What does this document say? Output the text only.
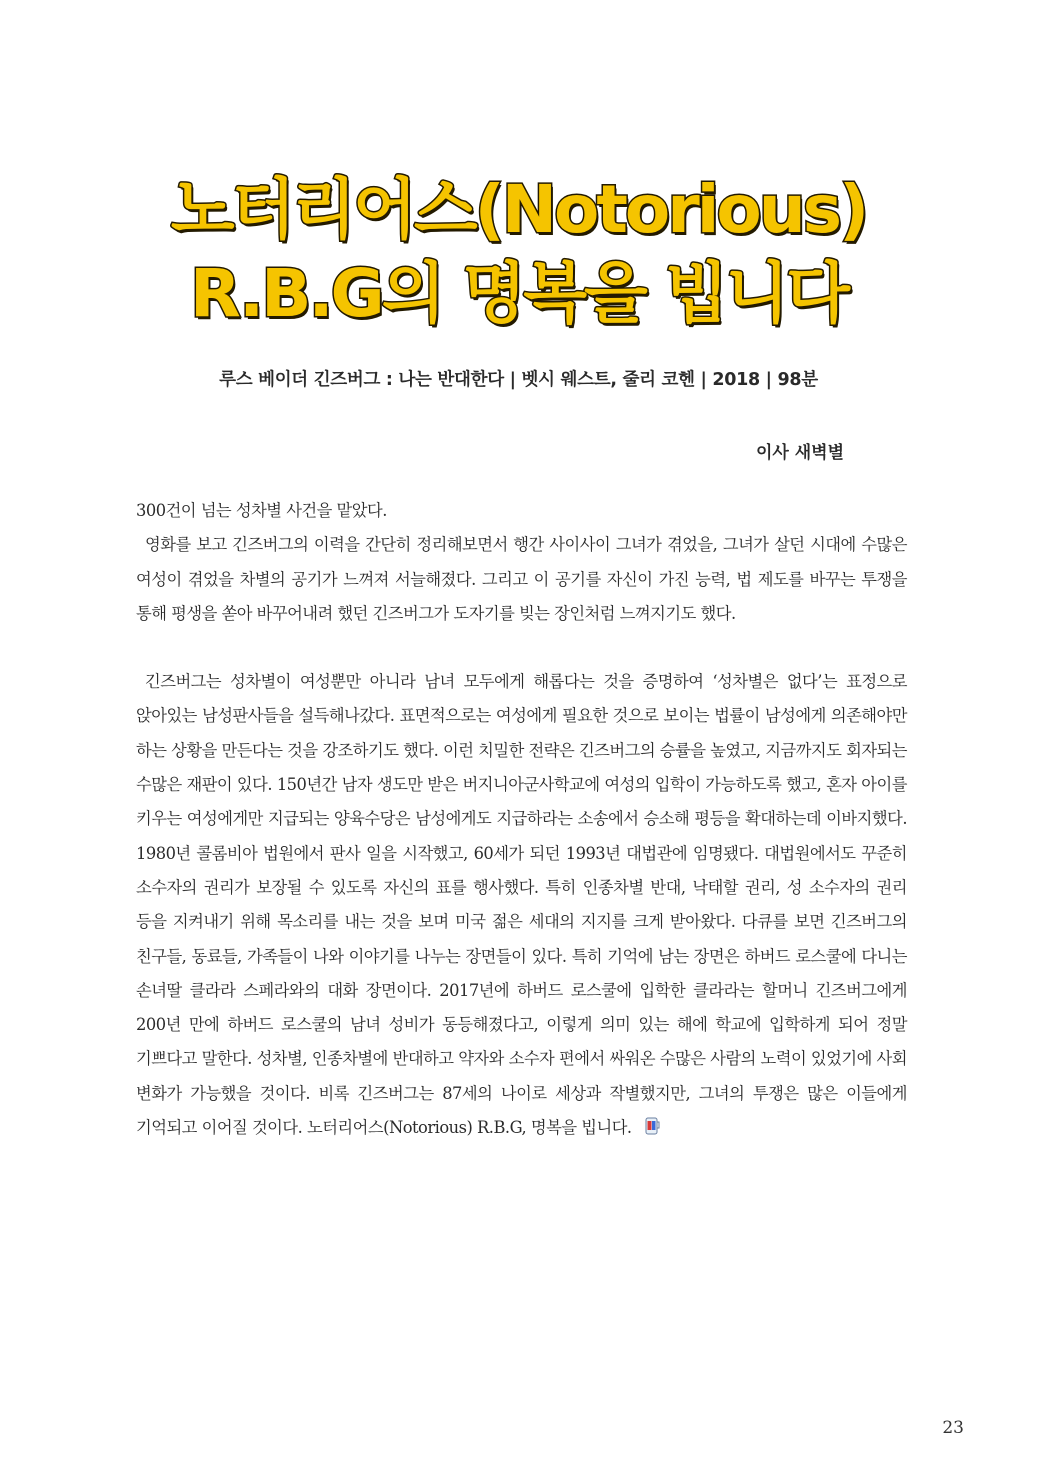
노터리어스(Notorious)
R.B.G의 명복을 빕니다
루스 베이더 긴즈버그 : 나는 반대한다 | 벳시 웨스트, 줄리 코헨 | 2018 | 98분
이사 새벽별

300건이 넘는 성차별 사건을 맡았다.

영화를 보고 긴즈버그의 이력을 간단히 정리해보면서 행간 사이사이 그녀가 겪었을, 그녀가 살던 시대에 수많은 여성이 겪었을 차별의 공기가 느껴져 서늘해졌다. 그리고 이 공기를 자신이 가진 능력, 법 제도를 바꾸는 투쟁을 통해 평생을 쏟아 바꾸어내려 했던 긴즈버그가 도자기를 빚는 장인처럼 느껴지기도 했다.

긴즈버그는 성차별이 여성뿐만 아니라 남녀 모두에게 해롭다는 것을 증명하여 ‘성차별은 없다’는 표정으로 앉아있는 남성판사들을 설득해나갔다. 표면적으로는 여성에게 필요한 것으로 보이는 법률이 남성에게 의존해야만 하는 상황을 만든다는 것을 강조하기도 했다. 이런 치밀한 전략은 긴즈버그의 승률을 높였고, 지금까지도 회자되는 수많은 재판이 있다. 150년간 남자 생도만 받은 버지니아군사학교에 여성의 입학이 가능하도록 했고, 혼자 아이를 키우는 여성에게만 지급되는 양육수당은 남성에게도 지급하라는 소송에서 승소해 평등을 확대하는데 이바지했다. 1980년 콜롬비아 법원에서 판사 일을 시작했고, 60세가 되던 1993년 대법관에 임명됐다. 대법원에서도 꾸준히 소수자의 권리가 보장될 수 있도록 자신의 표를 행사했다. 특히 인종차별 반대, 낙태할 권리, 성 소수자의 권리 등을 지켜내기 위해 목소리를 내는 것을 보며 미국 젊은 세대의 지지를 크게 받아왔다. 다큐를 보면 긴즈버그의 친구들, 동료들, 가족들이 나와 이야기를 나누는 장면들이 있다. 특히 기억에 남는 장면은 하버드 로스쿨에 다니는 손녀딸 클라라 스페라와의 대화 장면이다. 2017년에 하버드 로스쿨에 입학한 클라라는 할머니 긴즈버그에게 200년 만에 하버드 로스쿨의 남녀 성비가 동등해졌다고, 이렇게 의미 있는 해에 학교에 입학하게 되어 정말 기쁘다고 말한다. 성차별, 인종차별에 반대하고 약자와 소수자 편에서 싸워온 수많은 사람의 노력이 있었기에 사회 변화가 가능했을 것이다. 비록 긴즈버그는 87세의 나이로 세상과 작별했지만, 그녀의 투쟁은 많은 이들에게 기억되고 이어질 것이다. 노터리어스(Notorious) R.B.G, 명복을 빕니다.

23
